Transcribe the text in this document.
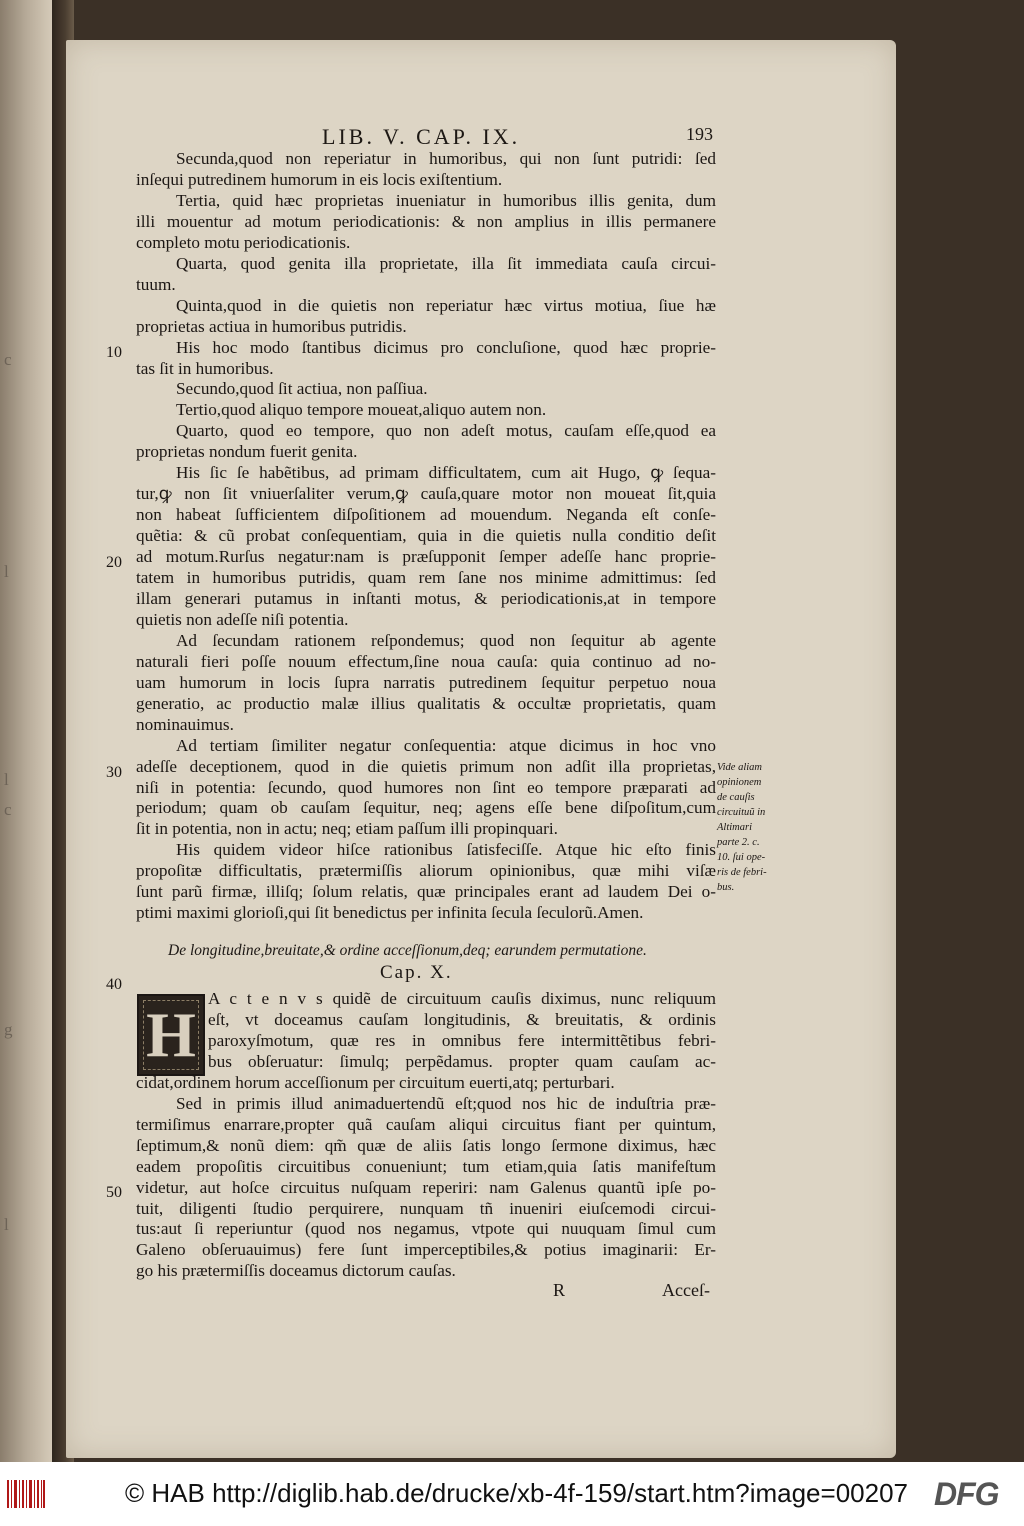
c
l
l
c
g
l
LIB. V. CAP. IX.	193
Secunda,quod non reperiatur in humoribus, qui non ſunt putridi: ſed
inſequi putredinem humorum in eis locis exiſtentium.
Tertia, quid hæc proprietas inueniatur in humoribus illis genita, dum
illi mouentur ad motum periodicationis: & non amplius in illis permanere
completo motu periodicationis.
Quarta, quod genita illa proprietate, illa ſit immediata cauſa circui-
tuum.
Quinta,quod in die quietis non reperiatur hæc virtus motiua, ſiue hæ
proprietas actiua in humoribus putridis.
His hoc modo ſtantibus dicimus pro concluſione, quod hæc proprie-
tas ſit in humoribus.
Secundo,quod ſit actiua, non paſſiua.
Tertio,quod aliquo tempore moueat,aliquo autem non.
Quarto, quod eo tempore, quo non adeſt motus, cauſam eſſe,quod ea
proprietas nondum fuerit genita.
His ſic ſe habẽtibus, ad primam difficultatem, cum ait Hugo, ꝙ ſequa-
tur,ꝙ non ſit vniuerſaliter verum,ꝙ cauſa,quare motor non moueat ſit,quia
non habeat ſufficientem diſpoſitionem ad mouendum. Neganda eſt conſe-
quẽtia: & cũ probat conſequentiam, quia in die quietis nulla conditio deſit
ad motum.Rurſus negatur:nam is præſupponit ſemper adeſſe hanc proprie-
tatem in humoribus putridis, quam rem ſane nos minime admittimus: ſed
illam generari putamus in inſtanti motus, & periodicationis,at in tempore
quietis non adeſſe niſi potentia.
Ad ſecundam rationem reſpondemus; quod non ſequitur ab agente
naturali fieri poſſe nouum effectum,ſine noua cauſa: quia continuo ad no-
uam humorum in locis ſupra narratis putredinem ſequitur perpetuo noua
generatio, ac productio malæ illius qualitatis & occultæ proprietatis, quam
nominauimus.
Ad tertiam ſimiliter negatur conſequentia: atque dicimus in hoc vno
adeſſe deceptionem, quod in die quietis primum non adſit illa proprietas,
niſi in potentia: ſecundo, quod humores non ſint eo tempore præparati ad
periodum; quam ob cauſam ſequitur, neq; agens eſſe bene diſpoſitum,cum
ſit in potentia, non in actu; neq; etiam paſſum illi propinquari.
His quidem videor hiſce rationibus ſatisfeciſſe. Atque hic eſto finis
propoſitæ difficultatis, prætermiſſis aliorum opinionibus, quæ mihi viſæ
ſunt parũ firmæ, illiſq; ſolum relatis, quæ principales erant ad laudem Dei o-
ptimi maximi glorioſi,qui ſit benedictus per infinita ſecula ſeculorũ.Amen.
10
20
30
40
50
Vide aliam
opinionem
de cauſis
circuituũ in
Altimari
parte 2. c.
10. ſui ope-
ris de febri-
bus.
De longitudine,breuitate,& ordine acceſſionum,deq; earundem permutatione.
Cap. X.
H
A c t e n v s quidẽ de circuituum cauſis diximus, nunc reliquum
eſt, vt doceamus cauſam longitudinis, & breuitatis, & ordinis
paroxyſmotum, quæ res in omnibus fere intermittẽtibus febri-
bus obſeruatur: ſimulq; perpẽdamus. propter quam cauſam ac-
cidat,ordinem horum acceſſionum per circuitum euerti,atq; perturbari.
Sed in primis illud animaduertendũ eſt;quod nos hic de induſtria præ-
termiſimus enarrare,propter quã cauſam aliqui circuitus fiant per quintum,
ſeptimum,& nonũ diem: qm̃ quæ de aliis ſatis longo ſermone diximus, hæc
eadem propoſitis circuitibus conueniunt; tum etiam,quia ſatis manifeſtum
videtur, aut hoſce circuitus nuſquam reperiri: nam Galenus quantũ ipſe po-
tuit, diligenti ſtudio perquirere, nunquam tñ inueniri eiuſcemodi circui-
tus:aut ſi reperiuntur (quod nos negamus, vtpote qui nuuquam ſimul cum
Galeno obſeruauimus) fere ſunt imperceptibiles,& potius imaginarii: Er-
go his prætermiſſis doceamus dictorum cauſas.
R	Acceſ-
© HAB http://diglib.hab.de/drucke/xb-4f-159/start.htm?image=00207 DFG
